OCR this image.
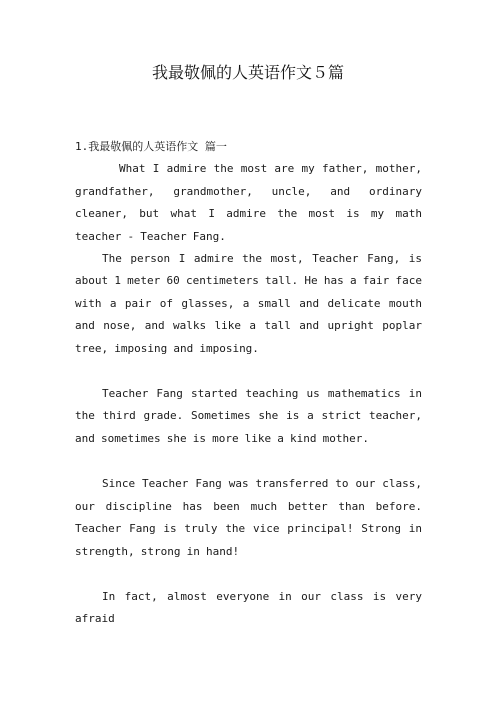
我最敬佩的人英语作文５篇
1.我最敬佩的人英语作文 篇一

What I admire the most are my father, mother, grandfather, grandmother, uncle, and ordinary cleaner, but what I admire the most is my math teacher - Teacher Fang.

The person I admire the most, Teacher Fang, is about 1 meter 60 centimeters tall. He has a fair face with a pair of glasses, a small and delicate mouth and nose, and walks like a tall and upright poplar tree, imposing and imposing.

Teacher Fang started teaching us mathematics in the third grade. Sometimes she is a strict teacher, and sometimes she is more like a kind mother.

Since Teacher Fang was transferred to our class, our discipline has been much better than before. Teacher Fang is truly the vice principal! Strong in strength, strong in hand!

In fact, almost everyone in our class is very afraid
